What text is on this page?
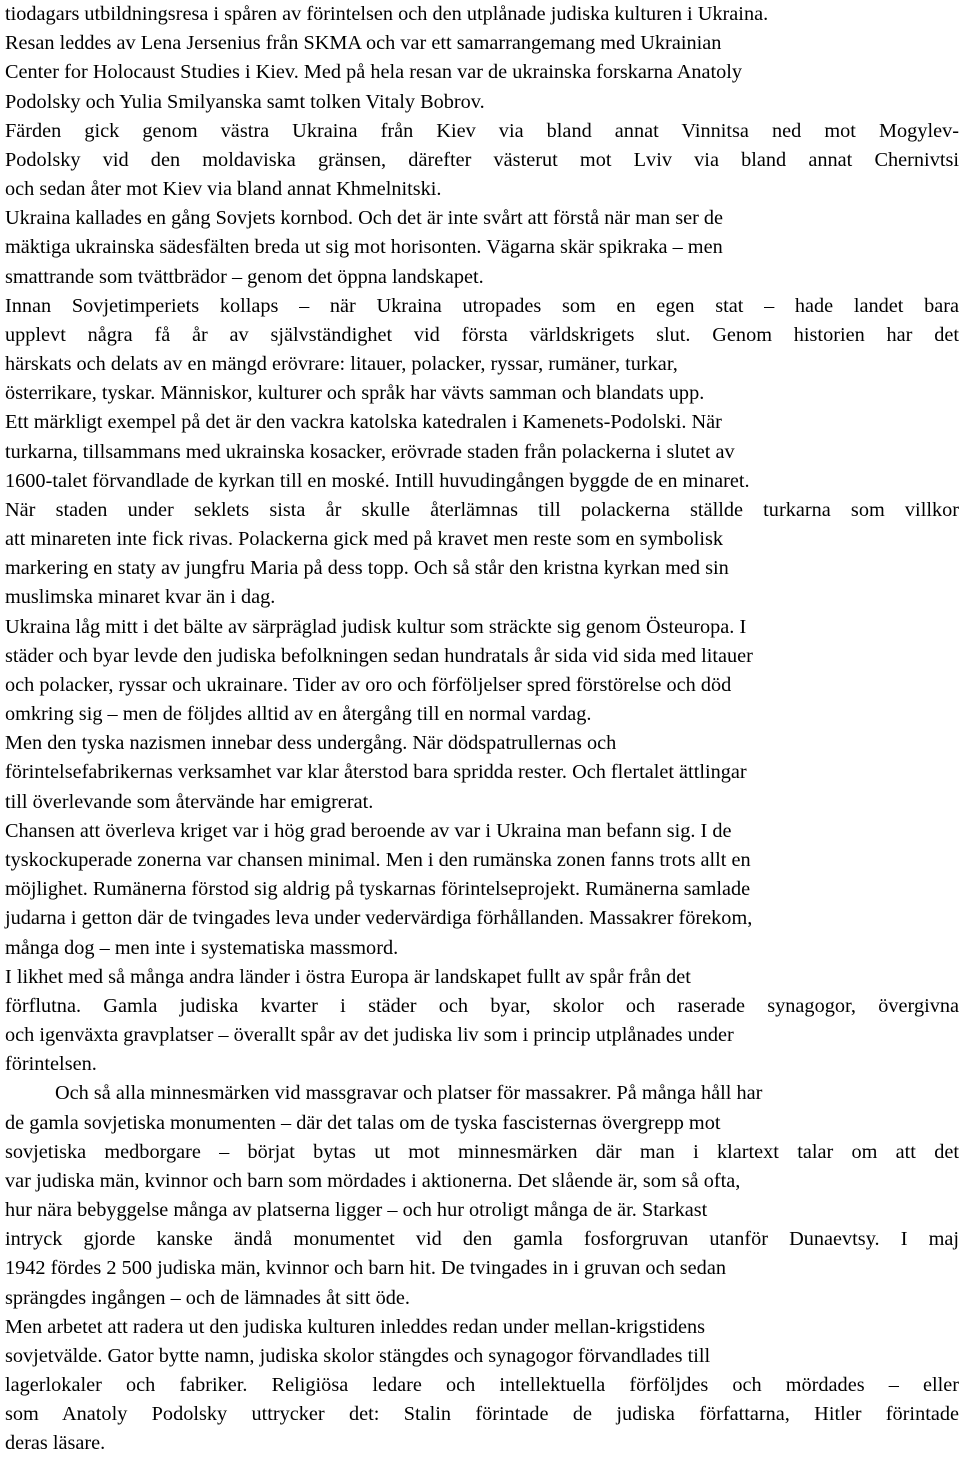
tiodagars utbildningsresa i spåren av förintelsen och den utplånade judiska kulturen i Ukraina.
Resan leddes av Lena Jersenius från SKMA och var ett samarrangemang med Ukrainian
Center for Holocaust Studies i Kiev. Med på hela resan var de ukrainska forskarna Anatoly
Podolsky och Yulia Smilyanska samt tolken Vitaly Bobrov.
Färden gick genom västra Ukraina från Kiev via bland annat Vinnitsa ned mot Mogylev-
Podolsky vid den moldaviska gränsen, därefter västerut mot Lviv via bland annat Chernivtsi
och sedan åter mot Kiev via bland annat Khmelnitski.
Ukraina kallades en gång Sovjets kornbod. Och det är inte svårt att förstå när man ser de
mäktiga ukrainska sädesfälten breda ut sig mot horisonten. Vägarna skär spikraka – men
smattrande som tvättbrädor – genom det öppna landskapet.
Innan Sovjetimperiets kollaps – när Ukraina utropades som en egen stat – hade landet bara
upplevt några få år av självständighet vid första världskrigets slut. Genom historien har det
härskats och delats av en mängd erövrare: litauer, polacker, ryssar, rumäner, turkar,
österrikare, tyskar. Människor, kulturer och språk har vävts samman och blandats upp.
Ett märkligt exempel på det är den vackra katolska katedralen i Kamenets-Podolski. När
turkarna, tillsammans med ukrainska kosacker, erövrade staden från polackerna i slutet av
1600-talet förvandlade de kyrkan till en moské. Intill huvudingången byggde de en minaret.
När staden under seklets sista år skulle återlämnas till polackerna ställde turkarna som villkor
att minareten inte fick rivas. Polackerna gick med på kravet men reste som en symbolisk
markering en staty av jungfru Maria på dess topp. Och så står den kristna kyrkan med sin
muslimska minaret kvar än i dag.
Ukraina låg mitt i det bälte av särpräglad judisk kultur som sträckte sig genom Östeuropa. I
städer och byar levde den judiska befolkningen sedan hundratals år sida vid sida med litauer
och polacker, ryssar och ukrainare. Tider av oro och förföljelser spred förstörelse och död
omkring sig – men de följdes alltid av en återgång till en normal vardag.
Men den tyska nazismen innebar dess undergång. När dödspatrullernas och
förintelsefabrikernas verksamhet var klar återstod bara spridda rester. Och flertalet ättlingar
till överlevande som återvände har emigrerat.
Chansen att överleva kriget var i hög grad beroende av var i Ukraina man befann sig. I de
tyskockuperade zonerna var chansen minimal. Men i den rumänska zonen fanns trots allt en
möjlighet. Rumänerna förstod sig aldrig på tyskarnas förintelseprojekt. Rumänerna samlade
judarna i getton där de tvingades leva under vedervärdiga förhållanden. Massakrer förekom,
många dog – men inte i systematiska massmord.
I likhet med så många andra länder i östra Europa är landskapet fullt av spår från det
förflutna. Gamla judiska kvarter i städer och byar, skolor och raserade synagogor, övergivna
och igenväxta gravplatser – överallt spår av det judiska liv som i princip utplånades under
förintelsen.
Och så alla minnesmärken vid massgravar och platser för massakrer. På många håll har
de gamla sovjetiska monumenten – där det talas om de tyska fascisternas övergrepp mot
sovjetiska medborgare – börjat bytas ut mot minnesmärken där man i klartext talar om att det
var judiska män, kvinnor och barn som mördades i aktionerna. Det slående är, som så ofta,
hur nära bebyggelse många av platserna ligger – och hur otroligt många de är. Starkast
intryck gjorde kanske ändå monumentet vid den gamla fosforgruvan utanför Dunaevtsy. I maj
1942 fördes 2 500 judiska män, kvinnor och barn hit. De tvingades in i gruvan och sedan
sprängdes ingången – och de lämnades åt sitt öde.
Men arbetet att radera ut den judiska kulturen inleddes redan under mellan-krigstidens
sovjetvälde. Gator bytte namn, judiska skolor stängdes och synagogor förvandlades till
lagerlokaler och fabriker. Religiösa ledare och intellektuella förföljdes och mördades – eller
som Anatoly Podolsky uttrycker det: Stalin förintade de judiska författarna, Hitler förintade
deras läsare.
